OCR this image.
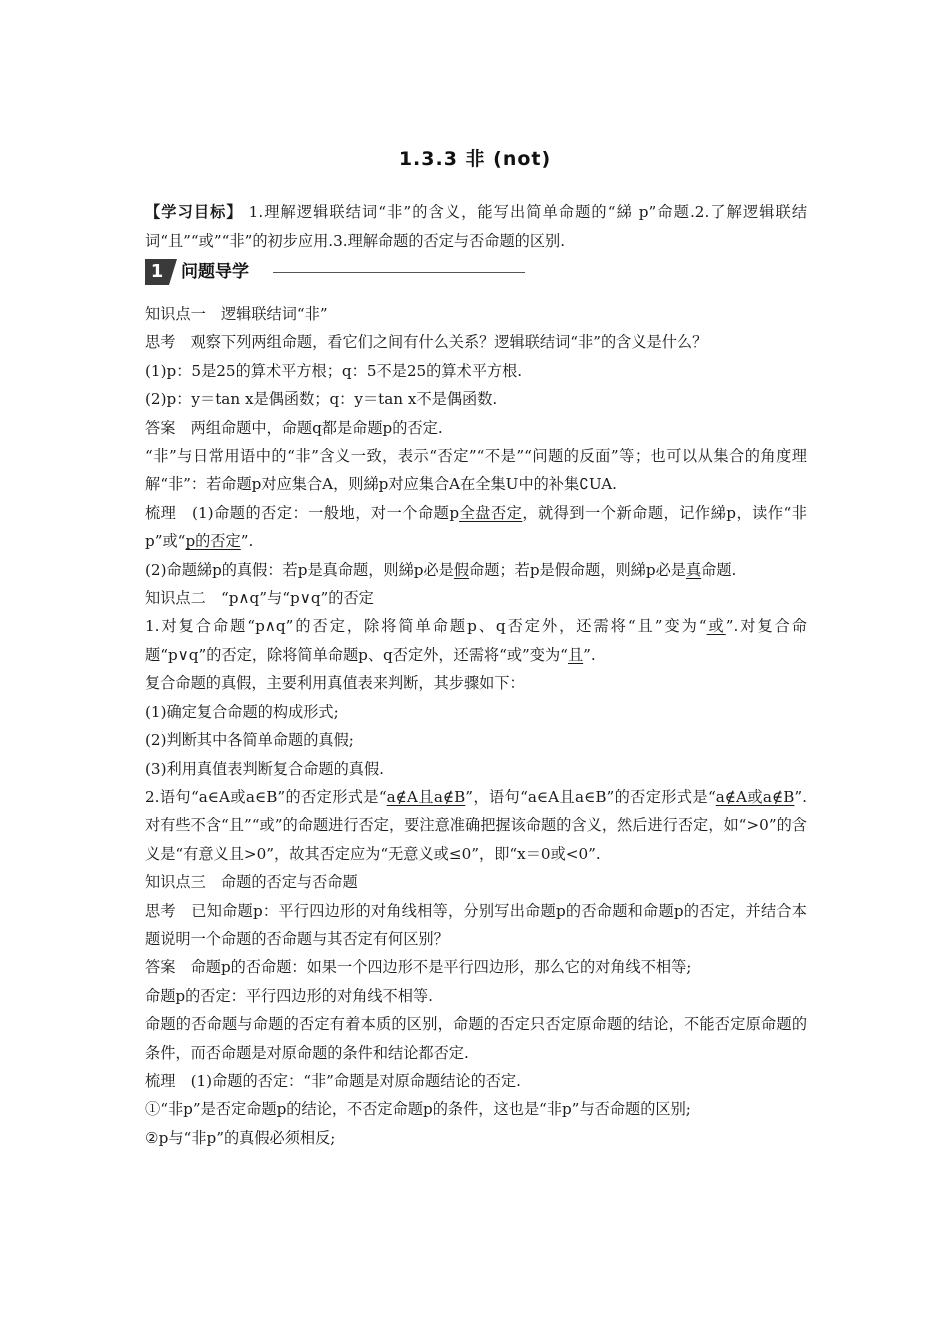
1.3.3 非 (not)
【学习目标】 1.理解逻辑联结词“非”的含义，能写出简单命题的“綈 p”命题.2.了解逻辑联结词“且”“或”“非”的初步应用.3.理解命题的否定与否命题的区别.
1	问题导学

知识点一　逻辑联结词“非”

思考　观察下列两组命题，看它们之间有什么关系？逻辑联结词“非”的含义是什么？

(1)p：5是25的算术平方根；q：5不是25的算术平方根.

(2)p：y＝tan x是偶函数；q：y＝tan x不是偶函数.

答案　两组命题中，命题q都是命题p的否定.

“非”与日常用语中的“非”含义一致，表示“否定”“不是”“问题的反面”等；也可以从集合的角度理解“非”：若命题p对应集合A，则綈p对应集合A在全集U中的补集∁UA.

梳理　(1)命题的否定：一般地，对一个命题p全盘否定，就得到一个新命题，记作綈p，读作“非p”或“p的否定”.

(2)命题綈p的真假：若p是真命题，则綈p必是假命题；若p是假命题，则綈p必是真命题.

知识点二　“p∧q”与“p∨q”的否定

1.对复合命题“p∧q”的否定，除将简单命题p、q否定外，还需将“且”变为“或”.对复合命题“p∨q”的否定，除将简单命题p、q否定外，还需将“或”变为“且”.

复合命题的真假，主要利用真值表来判断，其步骤如下：

(1)确定复合命题的构成形式;

(2)判断其中各简单命题的真假;

(3)利用真值表判断复合命题的真假.

2.语句“a∈A或a∈B”的否定形式是“a∉A且a∉B”，语句“a∈A且a∈B”的否定形式是“a∉A或a∉B”.对有些不含“且”“或”的命题进行否定，要注意准确把握该命题的含义，然后进行否定，如“>0”的含义是“有意义且>0”，故其否定应为“无意义或≤0”，即“x＝0或<0”.

知识点三　命题的否定与否命题

思考　已知命题p：平行四边形的对角线相等，分别写出命题p的否命题和命题p的否定，并结合本题说明一个命题的否命题与其否定有何区别？

答案　命题p的否命题：如果一个四边形不是平行四边形，那么它的对角线不相等;

命题p的否定：平行四边形的对角线不相等.

命题的否命题与命题的否定有着本质的区别，命题的否定只否定原命题的结论，不能否定原命题的条件，而否命题是对原命题的条件和结论都否定.

梳理　(1)命题的否定：“非”命题是对原命题结论的否定.

①“非p”是否定命题p的结论，不否定命题p的条件，这也是“非p”与否命题的区别;

②p与“非p”的真假必须相反;
